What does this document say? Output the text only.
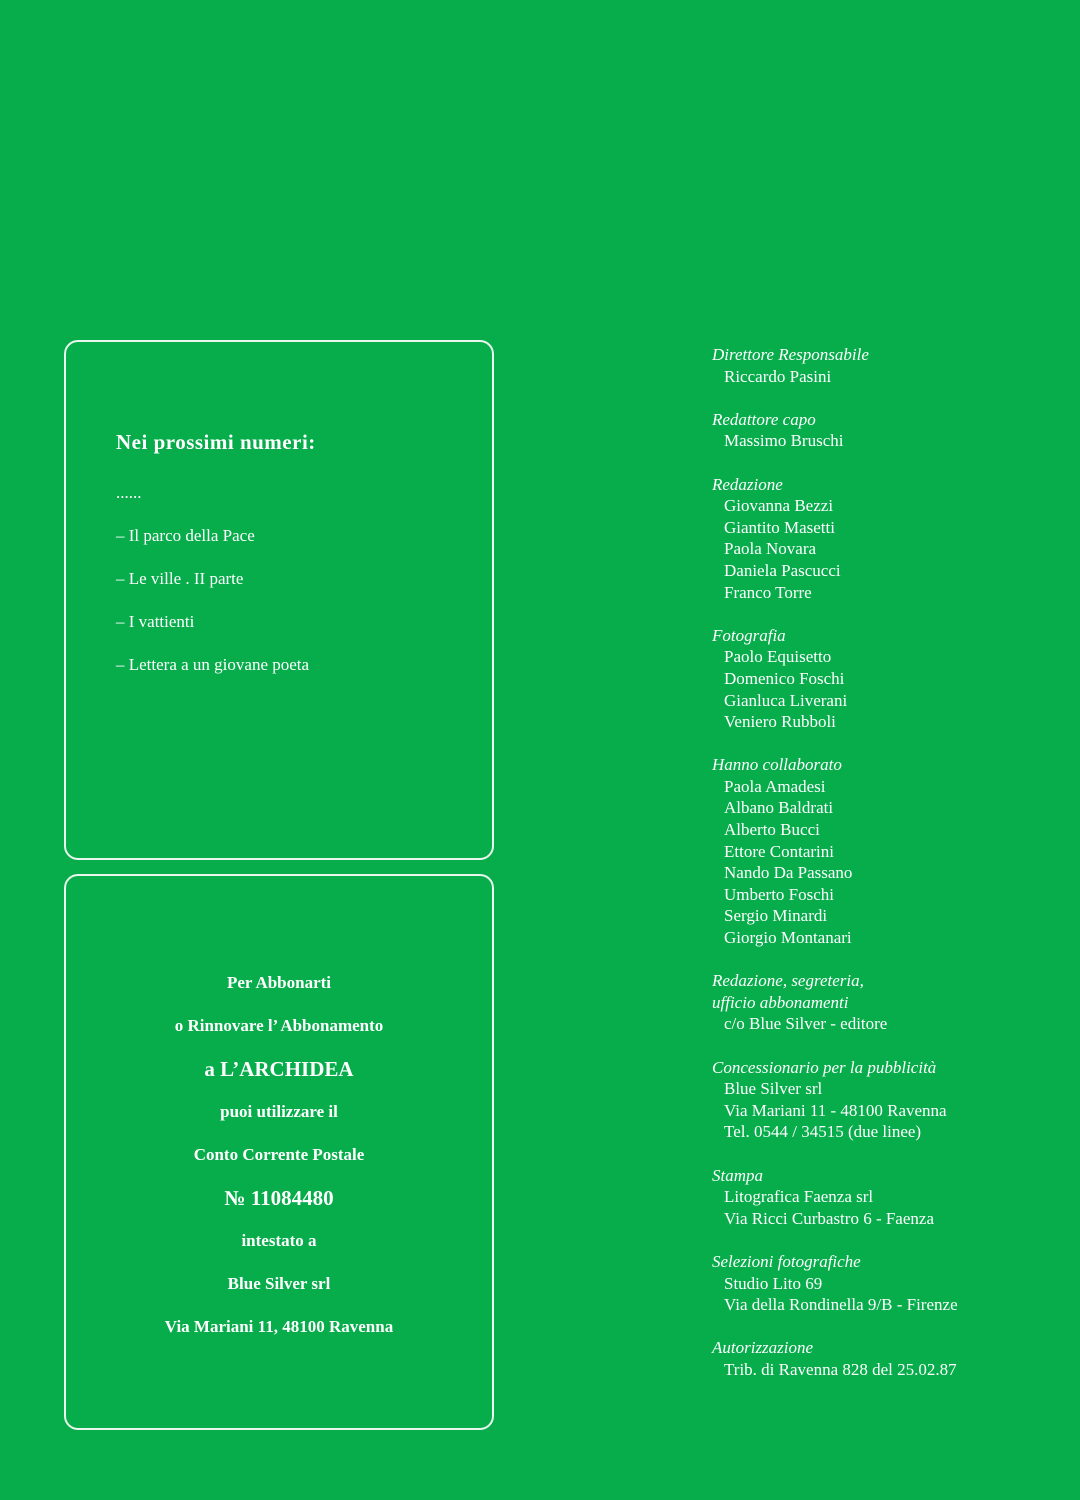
Nei prossimi numeri:
......
– Il parco della Pace
– Le ville . II parte
– I vattienti
– Lettera a un giovane poeta
Per Abbonarti
o Rinnovare l’ Abbonamento
a L’ARCHIDEA
puoi utilizzare il
Conto Corrente Postale
№ 11084480
intestato a
Blue Silver srl
Via Mariani 11, 48100 Ravenna
Direttore Responsabile
Riccardo Pasini
Redattore capo
Massimo Bruschi
Redazione
Giovanna Bezzi
Giantito Masetti
Paola Novara
Daniela Pascucci
Franco Torre
Fotografia
Paolo Equisetto
Domenico Foschi
Gianluca Liverani
Veniero Rubboli
Hanno collaborato
Paola Amadesi
Albano Baldrati
Alberto Bucci
Ettore Contarini
Nando Da Passano
Umberto Foschi
Sergio Minardi
Giorgio Montanari
Redazione, segreteria,
ufficio abbonamenti
c/o Blue Silver - editore
Concessionario per la pubblicità
Blue Silver srl
Via Mariani 11 - 48100 Ravenna
Tel. 0544 / 34515 (due linee)
Stampa
Litografica Faenza srl
Via Ricci Curbastro 6 - Faenza
Selezioni fotografiche
Studio Lito 69
Via della Rondinella 9/B - Firenze
Autorizzazione
Trib. di Ravenna 828 del 25.02.87
